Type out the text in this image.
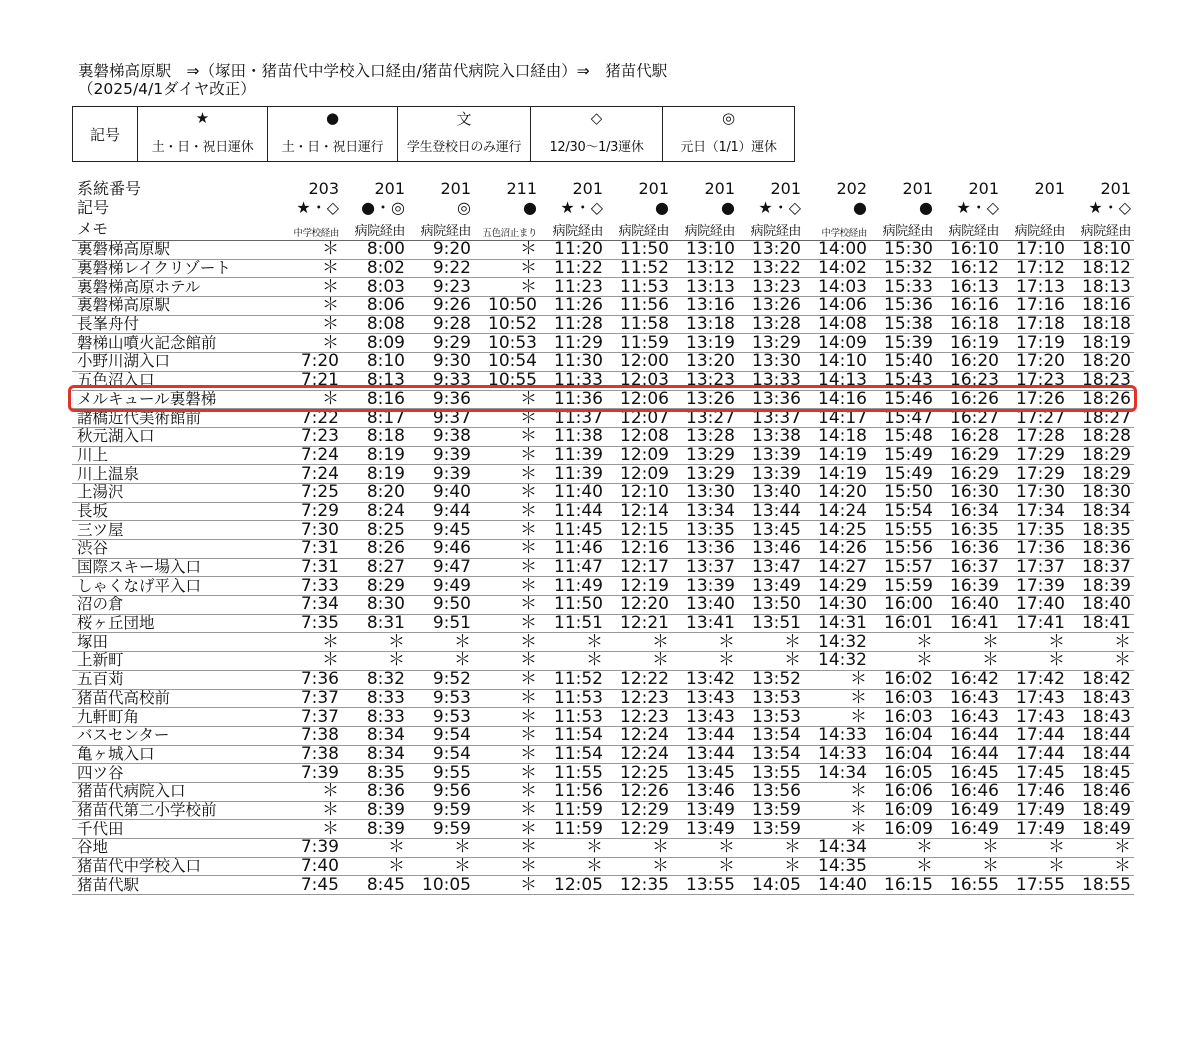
裏磐梯高原駅　⇒（塚田・猪苗代中学校入口経由/猪苗代病院入口経由）⇒　猪苗代駅
（2025/4/1ダイヤ改正）
記号	★	●	文	◇	◎
	土・日・祝日運休	土・日・祝日運行	学生登校日のみ運行	12/30〜1/3運休	元日（1/1）運休
系統番号	203	201	201	211	201	201	201	201	202	201	201	201	201
記号	★・◇	●・◎	◎	●	★・◇	●	●	★・◇	●	●	★・◇		★・◇
メモ	中学校経由	病院経由	病院経由	五色沼止まり	病院経由	病院経由	病院経由	病院経由	中学校経由	病院経由	病院経由	病院経由	病院経由
裏磐梯高原駅	＊	8:00	9:20	＊	11:20	11:50	13:10	13:20	14:00	15:30	16:10	17:10	18:10
裏磐梯レイクリゾート	＊	8:02	9:22	＊	11:22	11:52	13:12	13:22	14:02	15:32	16:12	17:12	18:12
裏磐梯高原ホテル	＊	8:03	9:23	＊	11:23	11:53	13:13	13:23	14:03	15:33	16:13	17:13	18:13
裏磐梯高原駅	＊	8:06	9:26	10:50	11:26	11:56	13:16	13:26	14:06	15:36	16:16	17:16	18:16
長峯舟付	＊	8:08	9:28	10:52	11:28	11:58	13:18	13:28	14:08	15:38	16:18	17:18	18:18
磐梯山噴火記念館前	＊	8:09	9:29	10:53	11:29	11:59	13:19	13:29	14:09	15:39	16:19	17:19	18:19
小野川湖入口	7:20	8:10	9:30	10:54	11:30	12:00	13:20	13:30	14:10	15:40	16:20	17:20	18:20
五色沼入口	7:21	8:13	9:33	10:55	11:33	12:03	13:23	13:33	14:13	15:43	16:23	17:23	18:23
メルキュール裏磐梯	＊	8:16	9:36	＊	11:36	12:06	13:26	13:36	14:16	15:46	16:26	17:26	18:26
諸橋近代美術館前	7:22	8:17	9:37	＊	11:37	12:07	13:27	13:37	14:17	15:47	16:27	17:27	18:27
秋元湖入口	7:23	8:18	9:38	＊	11:38	12:08	13:28	13:38	14:18	15:48	16:28	17:28	18:28
川上	7:24	8:19	9:39	＊	11:39	12:09	13:29	13:39	14:19	15:49	16:29	17:29	18:29
川上温泉	7:24	8:19	9:39	＊	11:39	12:09	13:29	13:39	14:19	15:49	16:29	17:29	18:29
上湯沢	7:25	8:20	9:40	＊	11:40	12:10	13:30	13:40	14:20	15:50	16:30	17:30	18:30
長坂	7:29	8:24	9:44	＊	11:44	12:14	13:34	13:44	14:24	15:54	16:34	17:34	18:34
三ツ屋	7:30	8:25	9:45	＊	11:45	12:15	13:35	13:45	14:25	15:55	16:35	17:35	18:35
渋谷	7:31	8:26	9:46	＊	11:46	12:16	13:36	13:46	14:26	15:56	16:36	17:36	18:36
国際スキー場入口	7:31	8:27	9:47	＊	11:47	12:17	13:37	13:47	14:27	15:57	16:37	17:37	18:37
しゃくなげ平入口	7:33	8:29	9:49	＊	11:49	12:19	13:39	13:49	14:29	15:59	16:39	17:39	18:39
沼の倉	7:34	8:30	9:50	＊	11:50	12:20	13:40	13:50	14:30	16:00	16:40	17:40	18:40
桜ヶ丘団地	7:35	8:31	9:51	＊	11:51	12:21	13:41	13:51	14:31	16:01	16:41	17:41	18:41
塚田	＊	＊	＊	＊	＊	＊	＊	＊	14:32	＊	＊	＊	＊
上新町	＊	＊	＊	＊	＊	＊	＊	＊	14:32	＊	＊	＊	＊
五百苅	7:36	8:32	9:52	＊	11:52	12:22	13:42	13:52	＊	16:02	16:42	17:42	18:42
猪苗代高校前	7:37	8:33	9:53	＊	11:53	12:23	13:43	13:53	＊	16:03	16:43	17:43	18:43
九軒町角	7:37	8:33	9:53	＊	11:53	12:23	13:43	13:53	＊	16:03	16:43	17:43	18:43
バスセンター	7:38	8:34	9:54	＊	11:54	12:24	13:44	13:54	14:33	16:04	16:44	17:44	18:44
亀ヶ城入口	7:38	8:34	9:54	＊	11:54	12:24	13:44	13:54	14:33	16:04	16:44	17:44	18:44
四ツ谷	7:39	8:35	9:55	＊	11:55	12:25	13:45	13:55	14:34	16:05	16:45	17:45	18:45
猪苗代病院入口	＊	8:36	9:56	＊	11:56	12:26	13:46	13:56	＊	16:06	16:46	17:46	18:46
猪苗代第二小学校前	＊	8:39	9:59	＊	11:59	12:29	13:49	13:59	＊	16:09	16:49	17:49	18:49
千代田	＊	8:39	9:59	＊	11:59	12:29	13:49	13:59	＊	16:09	16:49	17:49	18:49
谷地	7:39	＊	＊	＊	＊	＊	＊	＊	14:34	＊	＊	＊	＊
猪苗代中学校入口	7:40	＊	＊	＊	＊	＊	＊	＊	14:35	＊	＊	＊	＊
猪苗代駅	7:45	8:45	10:05	＊	12:05	12:35	13:55	14:05	14:40	16:15	16:55	17:55	18:55
